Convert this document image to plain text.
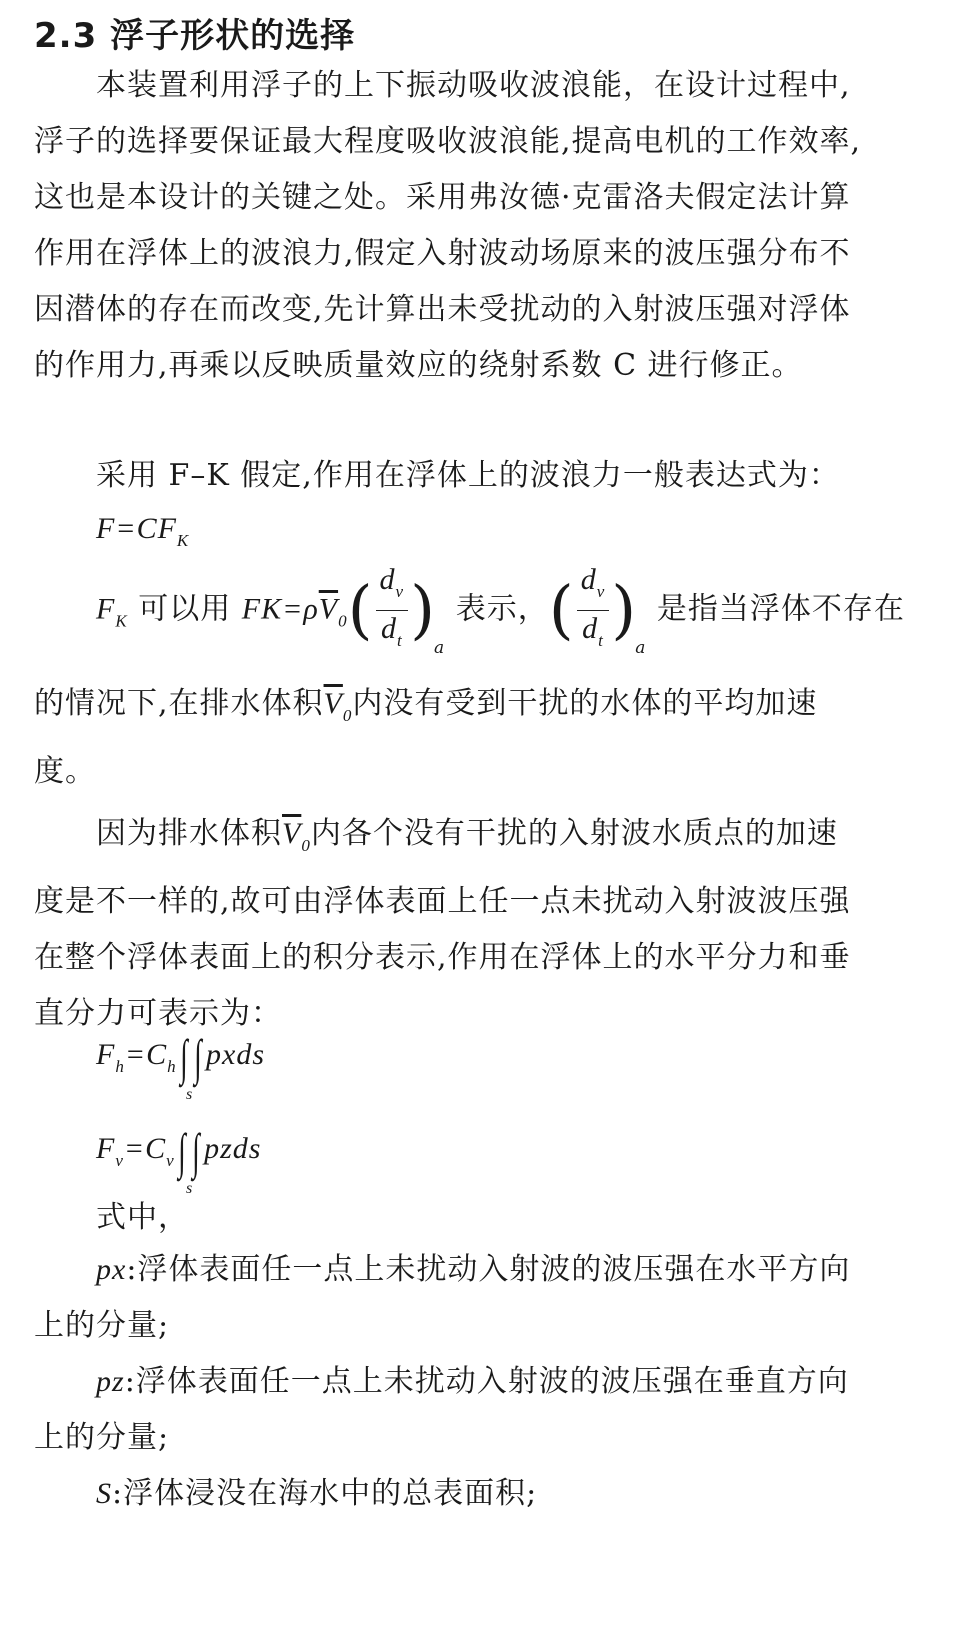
2.3 浮子形状的选择

本装置利用浮子的上下振动吸收波浪能，在设计过程中,浮子的选择要保证最大程度吸收波浪能,提高电机的工作效率,这也是本设计的关键之处。采用弗汝德·克雷洛夫假定法计算作用在浮体上的波浪力,假定入射波动场原来的波压强分布不因潜体的存在而改变,先计算出未受扰动的入射波压强对浮体的作用力,再乘以反映质量效应的绕射系数 C 进行修正。

采用 F–K 假定,作用在浮体上的波浪力一般表达式为：

$F=CF_K$
$F_K$ 可以用 $FK=\rho\overline{V}_0( \frac{d_v}{d_t} )_a$ 表示，( $\frac{d_v}{d_t} )_a$ 是指当浮体不存在
的情况下,在排水体积$\overline{V}_0$内没有受到干扰的水体的平均加速度。
因为排水体积$\overline{V}_0$内各个没有干扰的入射波水质点的加速度是不一样的,故可由浮体表面上任一点未扰动入射波波压强在整个浮体表面上的积分表示,作用在浮体上的水平分力和垂直分力可表示为：
$F_h=C_h\int$ ∫ pxds
s
$F_v=C_v\int$ ∫ pzds
s
式中，
px:浮体表面任一点上未扰动入射波的波压强在水平方向上的分量;
pz:浮体表面任一点上未扰动入射波的波压强在垂直方向上的分量;
S:浮体浸没在海水中的总表面积;
